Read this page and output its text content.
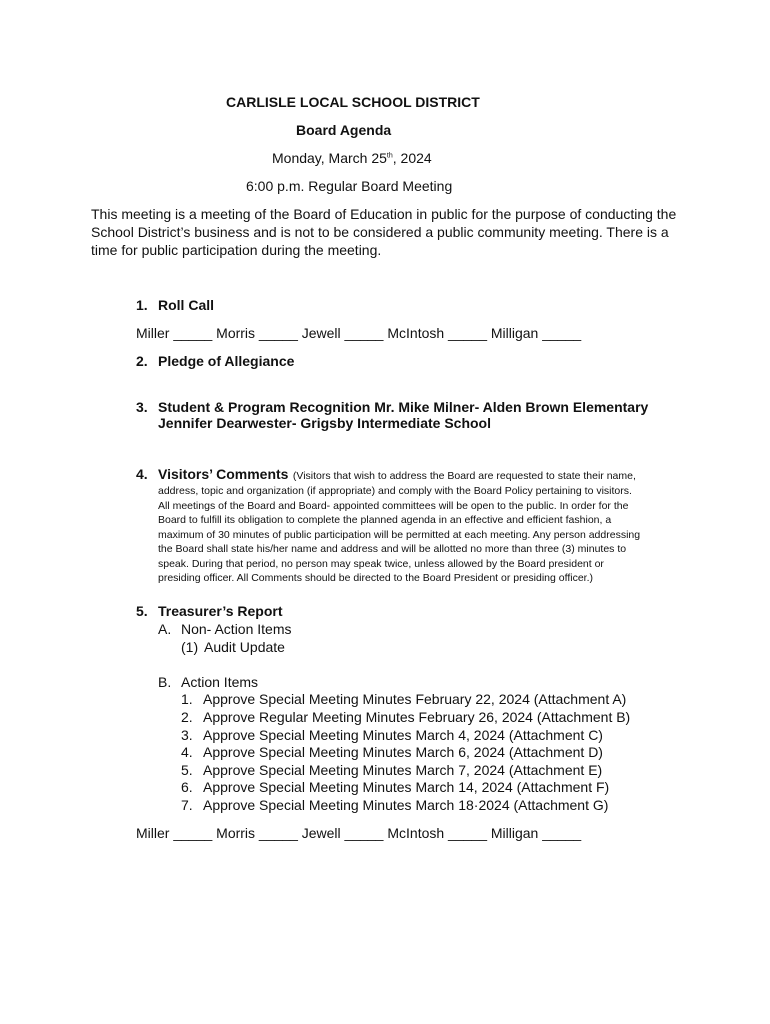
CARLISLE LOCAL SCHOOL DISTRICT
Board Agenda
Monday, March 25th, 2024
6:00 p.m. Regular Board Meeting
This meeting is a meeting of the Board of Education in public for the purpose of conducting the School District’s business and is not to be considered a public community meeting. There is a time for public participation during the meeting.
1. Roll Call
Miller _____ Morris _____ Jewell _____ McIntosh _____ Milligan _____
2. Pledge of Allegiance
3. Student & Program Recognition Mr. Mike Milner- Alden Brown Elementary
Jennifer Dearwester- Grigsby Intermediate School
4. Visitors’ Comments (Visitors that wish to address the Board are requested to state their name,
address, topic and organization (if appropriate) and comply with the Board Policy pertaining to visitors.
All meetings of the Board and Board- appointed committees will be open to the public. In order for the
Board to fulfill its obligation to complete the planned agenda in an effective and efficient fashion, a
maximum of 30 minutes of public participation will be permitted at each meeting. Any person addressing
the Board shall state his/her name and address and will be allotted no more than three (3) minutes to
speak. During that period, no person may speak twice, unless allowed by the Board president or
presiding officer. All Comments should be directed to the Board President or presiding officer.)
5. Treasurer’s Report
A. Non- Action Items
(1) Audit Update
B. Action Items
1. Approve Special Meeting Minutes February 22, 2024 (Attachment A)
2. Approve Regular Meeting Minutes February 26, 2024 (Attachment B)
3. Approve Special Meeting Minutes March 4, 2024 (Attachment C)
4. Approve Special Meeting Minutes March 6, 2024 (Attachment D)
5. Approve Special Meeting Minutes March 7, 2024 (Attachment E)
6. Approve Special Meeting Minutes March 14, 2024 (Attachment F)
7. Approve Special Meeting Minutes March 18·2024 (Attachment G)
Miller _____ Morris _____ Jewell _____ McIntosh _____ Milligan _____
